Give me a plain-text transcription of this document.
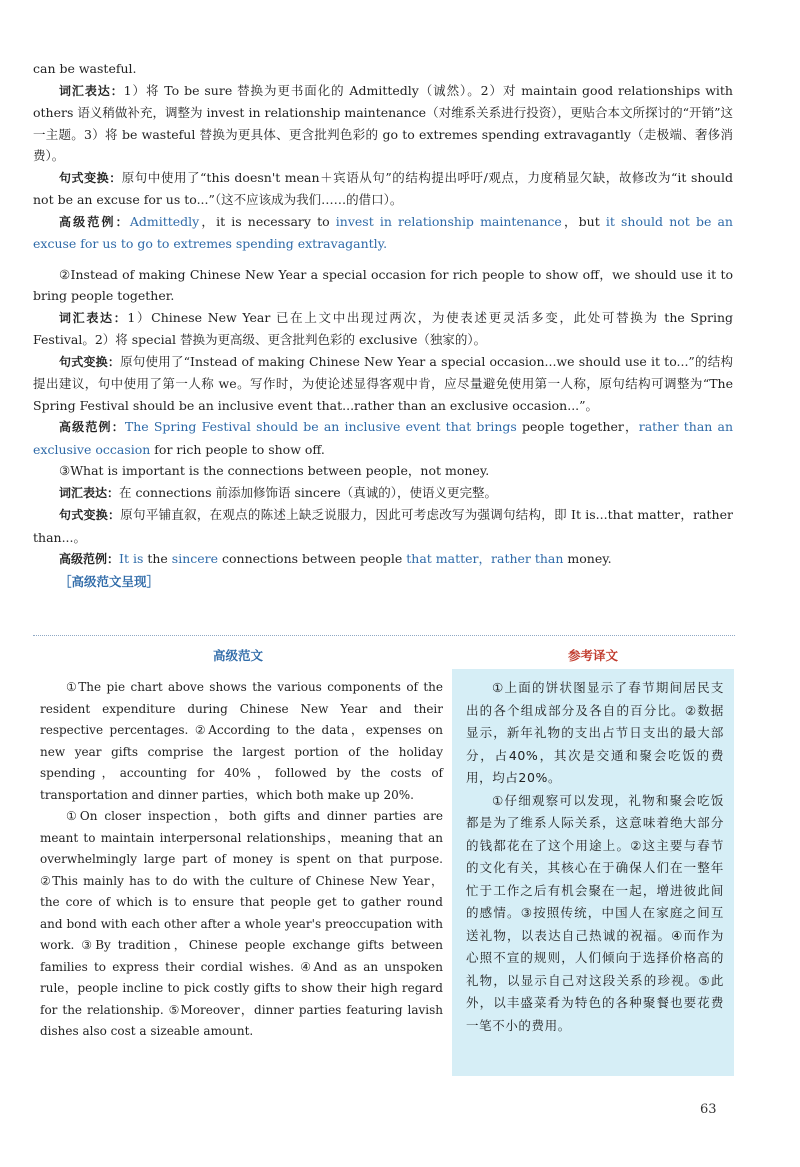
can be wasteful.

词汇表达：1）将 To be sure 替换为更书面化的 Admittedly（诚然）。2）对 maintain good relationships with others 语义稍做补充，调整为 invest in relationship maintenance（对维系关系进行投资），更贴合本文所探讨的“开销”这一主题。3）将 be wasteful 替换为更具体、更含批判色彩的 go to extremes spending extravagantly（走极端、奢侈消费）。

句式变换：原句中使用了“this doesn't mean＋宾语从句”的结构提出呼吁/观点，力度稍显欠缺，故修改为“it should not be an excuse for us to...”（这不应该成为我们……的借口）。

高级范例：Admittedly，it is necessary to invest in relationship maintenance，but it should not be an excuse for us to go to extremes spending extravagantly.

②Instead of making Chinese New Year a special occasion for rich people to show off，we should use it to bring people together.

词汇表达：1）Chinese New Year 已在上文中出现过两次，为使表述更灵活多变，此处可替换为 the Spring Festival。2）将 special 替换为更高级、更含批判色彩的 exclusive（独家的）。

句式变换：原句使用了“Instead of making Chinese New Year a special occasion...we should use it to...”的结构提出建议，句中使用了第一人称 we。写作时，为使论述显得客观中肯，应尽量避免使用第一人称，原句结构可调整为“The Spring Festival should be an inclusive event that...rather than an exclusive occasion...”。

高级范例：The Spring Festival should be an inclusive event that brings people together，rather than an exclusive occasion for rich people to show off.

③What is important is the connections between people，not money.

词汇表达：在 connections 前添加修饰语 sincere（真诚的），使语义更完整。

句式变换：原句平铺直叙，在观点的陈述上缺乏说服力，因此可考虑改写为强调句结构，即 It is...that matter，rather than...。

高级范例：It is the sincere connections between people that matter，rather than money.

［高级范文呈现］

高级范文

①The pie chart above shows the various components of the resident expenditure during Chinese New Year and their respective percentages. ②According to the data，expenses on new year gifts comprise the largest portion of the holiday spending，accounting for 40%，followed by the costs of transportation and dinner parties，which both make up 20%.

①On closer inspection，both gifts and dinner parties are meant to maintain interpersonal relationships，meaning that an overwhelmingly large part of money is spent on that purpose. ②This mainly has to do with the culture of Chinese New Year，the core of which is to ensure that people get to gather round and bond with each other after a whole year's preoccupation with work. ③By tradition，Chinese people exchange gifts between families to express their cordial wishes. ④And as an unspoken rule，people incline to pick costly gifts to show their high regard for the relationship. ⑤Moreover，dinner parties featuring lavish dishes also cost a sizeable amount.

参考译文

①上面的饼状图显示了春节期间居民支出的各个组成部分及各自的百分比。②数据显示，新年礼物的支出占节日支出的最大部分，占40%，其次是交通和聚会吃饭的费用，均占20%。

①仔细观察可以发现，礼物和聚会吃饭都是为了维系人际关系，这意味着绝大部分的钱都花在了这个用途上。②这主要与春节的文化有关，其核心在于确保人们在一整年忙于工作之后有机会聚在一起，增进彼此间的感情。③按照传统，中国人在家庭之间互送礼物，以表达自己热诚的祝福。④而作为心照不宣的规则，人们倾向于选择价格高的礼物，以显示自己对这段关系的珍视。⑤此外，以丰盛菜肴为特色的各种聚餐也要花费一笔不小的费用。

63
